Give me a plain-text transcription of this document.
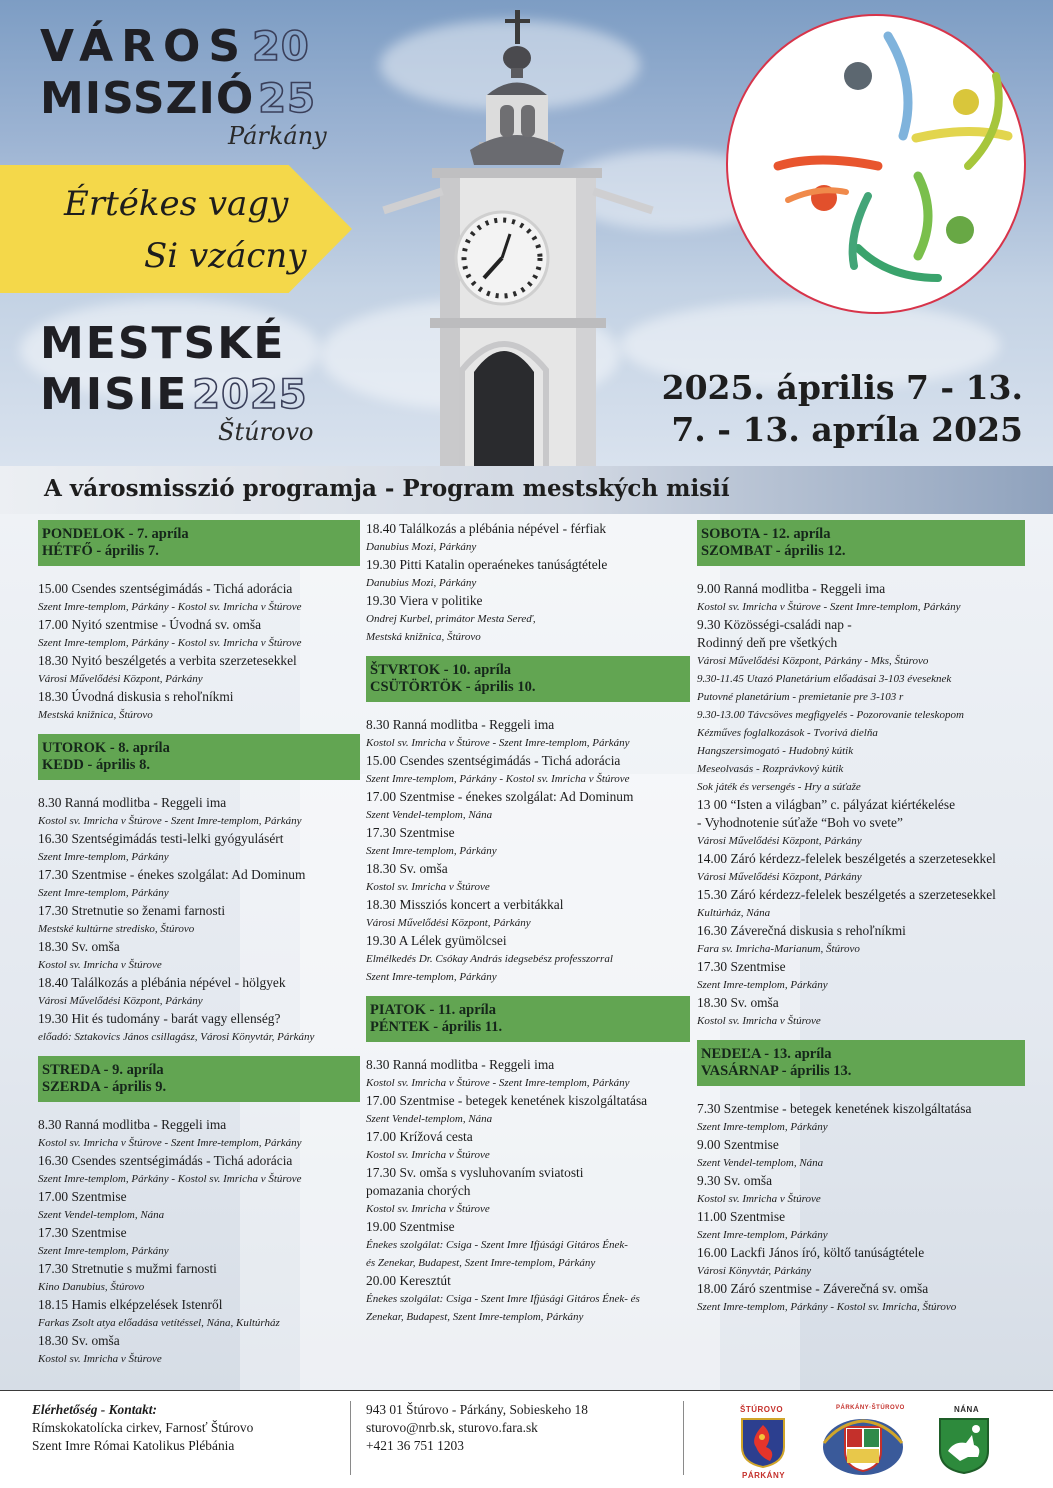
VÁROS 20
MISSZIÓ 25
Párkány
Értékes vagy
Si vzácny
MESTSKÉ
MISIE 2025
Štúrovo
2025. április 7 - 13.
7. - 13. apríla 2025
A városmisszió programja - Program mestských misií
PONDELOK - 7. apríla
HÉTFŐ - április 7.
15.00 Csendes szentségimádás - Tichá adorácia
Szent Imre-templom, Párkány - Kostol sv. Imricha v Štúrove
17.00 Nyitó szentmise - Úvodná sv. omša
Szent Imre-templom, Párkány - Kostol sv. Imricha v Štúrove
18.30 Nyitó beszélgetés a verbita szerzetesekkel
Városi Művelődési Központ, Párkány
18.30 Úvodná diskusia s rehoľníkmi
Mestská knižnica, Štúrovo
UTOROK - 8. apríla
KEDD - április 8.
8.30 Ranná modlitba - Reggeli ima
Kostol sv. Imricha v Štúrove - Szent Imre-templom, Párkány
16.30 Szentségimádás testi-lelki gyógyulásért
Szent Imre-templom, Párkány
17.30 Szentmise - énekes szolgálat: Ad Dominum
Szent Imre-templom, Párkány
17.30 Stretnutie so ženami farnosti
Mestské kultúrne stredisko, Štúrovo
18.30 Sv. omša
Kostol sv. Imricha v Štúrove
18.40 Találkozás a plébánia népével - hölgyek
Városi Művelődési Központ, Párkány
19.30 Hit és tudomány - barát vagy ellenség?
előadó: Sztakovics János csillagász, Városi Könyvtár, Párkány
STREDA - 9. apríla
SZERDA - április 9.
8.30 Ranná modlitba - Reggeli ima
Kostol sv. Imricha v Štúrove - Szent Imre-templom, Párkány
16.30 Csendes szentségimádás - Tichá adorácia
Szent Imre-templom, Párkány - Kostol sv. Imricha v Štúrove
17.00 Szentmise
Szent Vendel-templom, Nána
17.30 Szentmise
Szent Imre-templom, Párkány
17.30 Stretnutie s mužmi farnosti
Kino Danubius, Štúrovo
18.15 Hamis elképzelések Istenről
Farkas Zsolt atya előadása vetítéssel, Nána, Kultúrház
18.30 Sv. omša
Kostol sv. Imricha v Štúrove
18.40 Találkozás a plébánia népével - férfiak
Danubius Mozi, Párkány
19.30 Pitti Katalin operaénekes tanúságtétele
Danubius Mozi, Párkány
19.30 Viera v politike
Ondrej Kurbel, primátor Mesta Sereď,
Mestská knižnica, Štúrovo
ŠTVRTOK - 10. apríla
CSÜTÖRTÖK - április 10.
8.30 Ranná modlitba - Reggeli ima
Kostol sv. Imricha v Štúrove - Szent Imre-templom, Párkány
15.00 Csendes szentségimádás - Tichá adorácia
Szent Imre-templom, Párkány - Kostol sv. Imricha v Štúrove
17.00 Szentmise - énekes szolgálat: Ad Dominum
Szent Vendel-templom, Nána
17.30 Szentmise
Szent Imre-templom, Párkány
18.30 Sv. omša
Kostol sv. Imricha v Štúrove
18.30 Missziós koncert a verbitákkal
Városi Művelődési Központ, Párkány
19.30 A Lélek gyümölcsei
Elmélkedés Dr. Csókay András idegsebész professzorral
Szent Imre-templom, Párkány
PIATOK - 11. apríla
PÉNTEK - április 11.
8.30 Ranná modlitba - Reggeli ima
Kostol sv. Imricha v Štúrove - Szent Imre-templom, Párkány
17.00 Szentmise - betegek kenetének kiszolgáltatása
Szent Vendel-templom, Nána
17.00 Krížová cesta
Kostol sv. Imricha v Štúrove
17.30 Sv. omša s vysluhovaním sviatosti
pomazania chorých
Kostol sv. Imricha v Štúrove
19.00 Szentmise
Énekes szolgálat: Csiga - Szent Imre Ifjúsági Gitáros Ének-
és Zenekar, Budapest, Szent Imre-templom, Párkány
20.00 Keresztút
Énekes szolgálat: Csiga - Szent Imre Ifjúsági Gitáros Ének- és
Zenekar, Budapest, Szent Imre-templom, Párkány
SOBOTA - 12. apríla
SZOMBAT - április 12.
9.00 Ranná modlitba - Reggeli ima
Kostol sv. Imricha v Štúrove - Szent Imre-templom, Párkány
9.30 Közösségi-családi nap -
Rodinný deň pre všetkých
Városi Művelődési Központ, Párkány - Mks, Štúrovo
9.30-11.45 Utazó Planetárium előadásai 3-103 éveseknek
Putovné planetárium - premietanie pre 3-103 r
9.30-13.00 Távcsöves megfigyelés - Pozorovanie teleskopom
Kézműves foglalkozások - Tvorivá dielňa
Hangszersimogató - Hudobný kútik
Meseolvasás - Rozprávkový kútik
Sok játék és versengés - Hry a súťaže
13 00 “Isten a világban” c. pályázat kiértékelése
- Vyhodnotenie súťaže “Boh vo svete”
Városi Művelődési Központ, Párkány
14.00 Záró kérdezz-felelek beszélgetés a szerzetesekkel
Városi Művelődési Központ, Párkány
15.30 Záró kérdezz-felelek beszélgetés a szerzetesekkel
Kultúrház, Nána
16.30 Záverečná diskusia s rehoľníkmi
Fara sv. Imricha-Marianum, Štúrovo
17.30 Szentmise
Szent Imre-templom, Párkány
18.30 Sv. omša
Kostol sv. Imricha v Štúrove
NEDEĽA - 13. apríla
VASÁRNAP - április 13.
7.30 Szentmise - betegek kenetének kiszolgáltatása
Szent Imre-templom, Párkány
9.00 Szentmise
Szent Vendel-templom, Nána
9.30 Sv. omša
Kostol sv. Imricha v Štúrove
11.00 Szentmise
Szent Imre-templom, Párkány
16.00 Lackfi János író, költő tanúságtétele
Városi Könyvtár, Párkány
18.00 Záró szentmise - Záverečná sv. omša
Szent Imre-templom, Párkány - Kostol sv. Imricha, Štúrovo
Elérhetőség - Kontakt:
Rímskokatolícka cirkev, Farnosť Štúrovo
Szent Imre Római Katolikus Plébánia
943 01 Štúrovo - Párkány, Sobieskeho 18
sturovo@nrb.sk, sturovo.fara.sk
+421 36 751 1203
ŠTÚROVO
PÁRKÁNY
PÁRKÁNY·ŠTÚROVO	NÁNA
